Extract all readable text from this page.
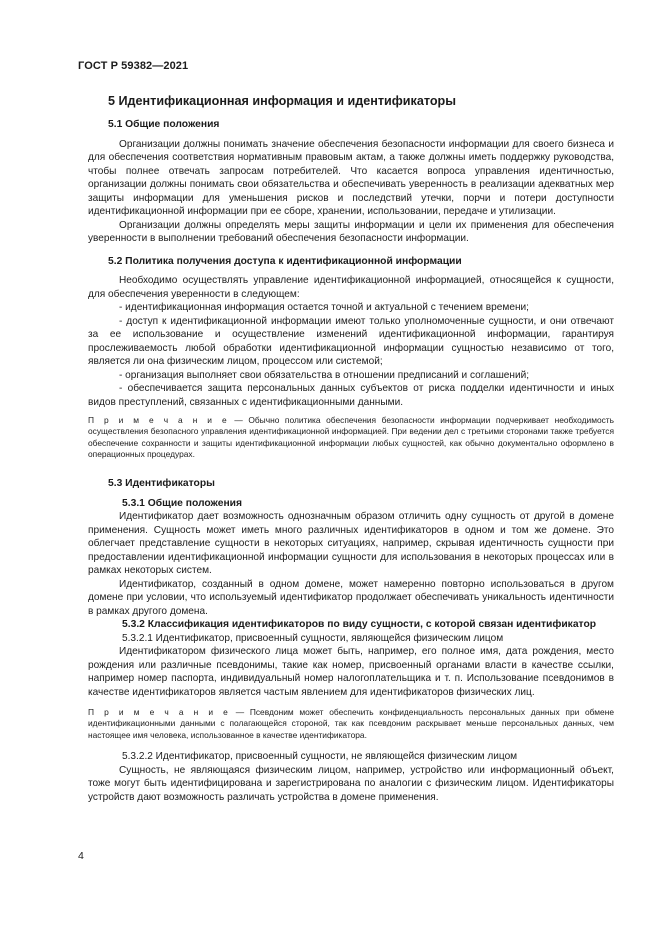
ГОСТ Р 59382—2021
5 Идентификационная информация и идентификаторы
5.1 Общие положения

Организации должны понимать значение обеспечения безопасности информации для своего бизнеса и для обеспечения соответствия нормативным правовым актам, а также должны иметь поддержку руководства, чтобы полнее отвечать запросам потребителей. Что касается вопроса управления идентичностью, организации должны понимать свои обязательства и обеспечивать уверенность в реализации адекватных мер защиты информации для уменьшения рисков и последствий утечки, порчи и потери доступности идентификационной информации при ее сборе, хранении, использовании, передаче и утилизации.

Организации должны определять меры защиты информации и цели их применения для обеспечения уверенности в выполнении требований обеспечения безопасности информации.

5.2 Политика получения доступа к идентификационной информации

Необходимо осуществлять управление идентификационной информацией, относящейся к сущности, для обеспечения уверенности в следующем:

- идентификационная информация остается точной и актуальной с течением времени;

- доступ к идентификационной информации имеют только уполномоченные сущности, и они отвечают за ее использование и осуществление изменений идентификационной информации, гарантируя прослеживаемость любой обработки идентификационной информации сущностью независимо от того, является ли она физическим лицом, процессом или системой;

- организация выполняет свои обязательства в отношении предписаний и соглашений;

- обеспечивается защита персональных данных субъектов от риска подделки идентичности и иных видов преступлений, связанных с идентификационными данными.

П р и м е ч а н и е — Обычно политика обеспечения безопасности информации подчеркивает необходимость осуществления безопасного управления идентификационной информацией. При ведении дел с третьими сторонами также требуется обеспечение сохранности и защиты идентификационной информации любых сущностей, как обычно документально оформлено в операционных процедурах.
5.3 Идентификаторы
5.3.1 Общие положения

Идентификатор дает возможность однозначным образом отличить одну сущность от другой в домене применения. Сущность может иметь много различных идентификаторов в одном и том же домене. Это облегчает представление сущности в некоторых ситуациях, например, скрывая идентичность сущности при предоставлении идентификационной информации сущности для использования в некоторых процессах или в рамках некоторых систем.

Идентификатор, созданный в одном домене, может намеренно повторно использоваться в другом домене при условии, что используемый идентификатор продолжает обеспечивать уникальность идентичности в рамках другого домена.

5.3.2 Классификация идентификаторов по виду сущности, с которой связан идентификатор
5.3.2.1 Идентификатор, присвоенный сущности, являющейся физическим лицом

Идентификатором физического лица может быть, например, его полное имя, дата рождения, место рождения или различные псевдонимы, такие как номер, присвоенный органами власти в качестве ссылки, например номер паспорта, индивидуальный номер налогоплательщика и т. п. Использование псевдонимов в качестве идентификаторов является частым явлением для идентификаторов физических лиц.

П р и м е ч а н и е — Псевдоним может обеспечить конфиденциальность персональных данных при обмене идентификационными данными с полагающейся стороной, так как псевдоним раскрывает меньше персональных данных, чем настоящее имя человека, использованное в качестве идентификатора.
5.3.2.2 Идентификатор, присвоенный сущности, не являющейся физическим лицом

Сущность, не являющаяся физическим лицом, например, устройство или информационный объект, тоже могут быть идентифицирована и зарегистрирована по аналогии с физическим лицом. Идентификаторы устройств дают возможность различать устройства в домене применения.

4
